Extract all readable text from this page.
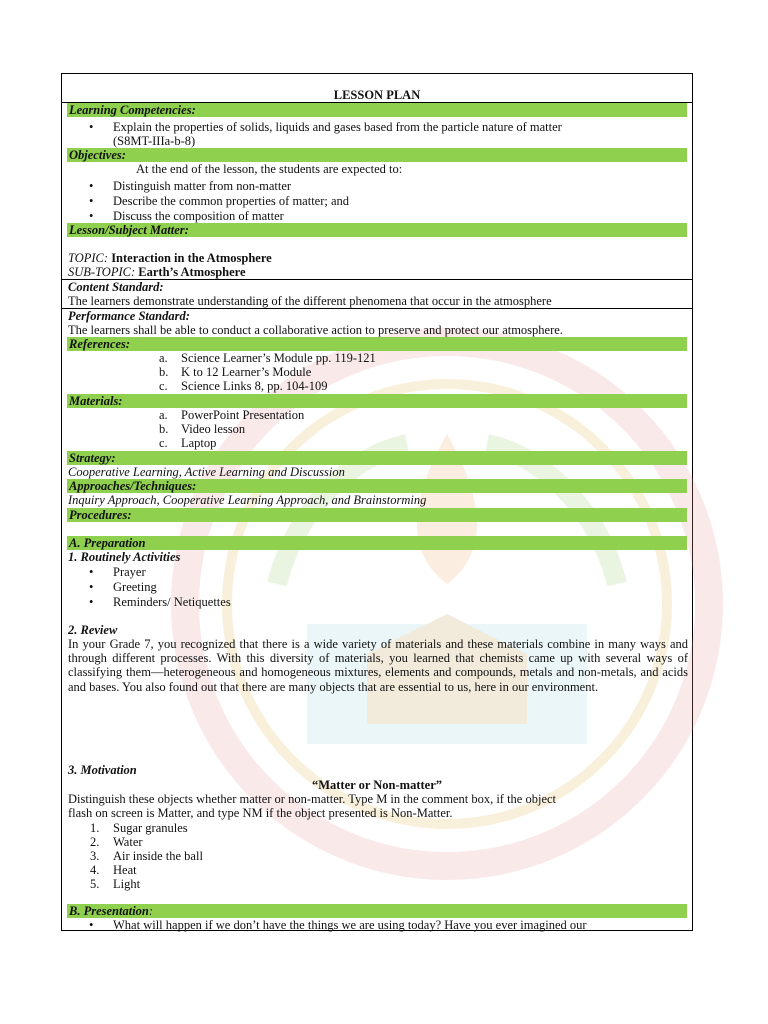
LESSON PLAN
Learning Competencies:
• Explain the properties of solids, liquids and gases based from the particle nature of matter
(S8MT-IIIa-b-8)
Objectives:
At the end of the lesson, the students are expected to:
• Distinguish matter from non-matter
• Describe the common properties of matter; and
• Discuss the composition of matter
Lesson/Subject Matter:
TOPIC: Interaction in the Atmosphere
SUB-TOPIC: Earth’s Atmosphere
Content Standard:
The learners demonstrate understanding of the different phenomena that occur in the atmosphere
Performance Standard:
The learners shall be able to conduct a collaborative action to preserve and protect our atmosphere.
References:
a. Science Learner’s Module pp. 119-121
b. K to 12 Learner’s Module
c. Science Links 8, pp. 104-109
Materials:
a. PowerPoint Presentation
b. Video lesson
c. Laptop
Strategy:
Cooperative Learning, Active Learning and Discussion
Approaches/Techniques:
Inquiry Approach, Cooperative Learning Approach, and Brainstorming
Procedures:
A. Preparation
1. Routinely Activities
• Prayer
• Greeting
• Reminders/ Netiquettes
2. Review
In your Grade 7, you recognized that there is a wide variety of materials and these materials combine in many ways and through different processes. With this diversity of materials, you learned that chemists came up with several ways of classifying them—heterogeneous and homogeneous mixtures, elements and compounds, metals and non-metals, and acids and bases. You also found out that there are many objects that are essential to us, here in our environment.
3. Motivation
“Matter or Non-matter”
Distinguish these objects whether matter or non-matter. Type M in the comment box, if the object
flash on screen is Matter, and type NM if the object presented is Non-Matter.
1. Sugar granules
2. Water
3. Air inside the ball
4. Heat
5. Light
B. Presentation:
• What will happen if we don’t have the things we are using today? Have you ever imagined our
